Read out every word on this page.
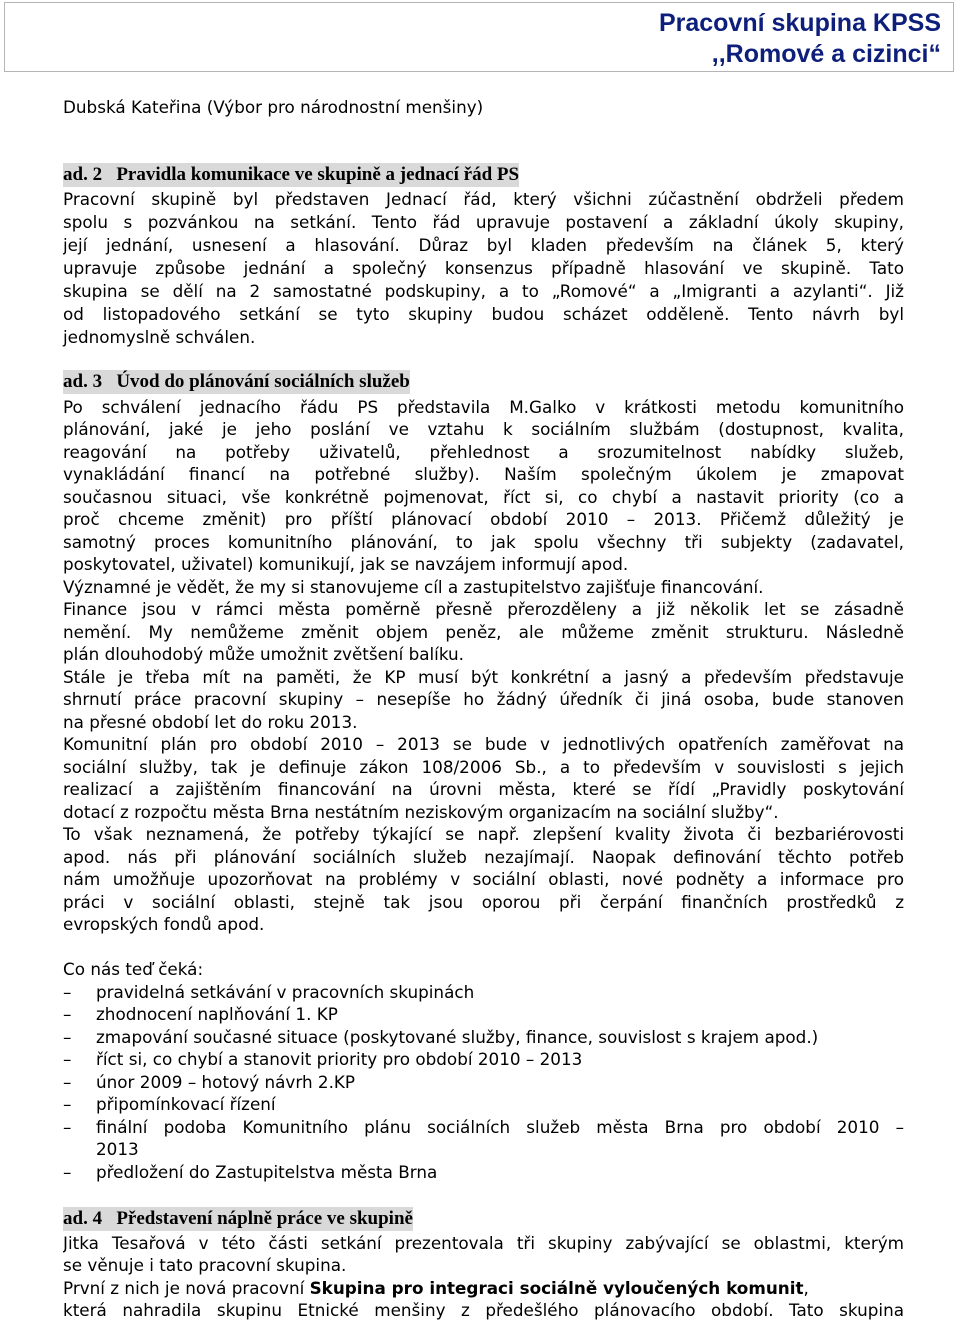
Pracovní skupina KPSS
,,Romové a cizinci“
Dubská Kateřina (Výbor pro národnostní menšiny)
ad. 2 Pravidla komunikace ve skupině a jednací řád PS
Pracovní skupině byl představen Jednací řád, který všichni zúčastnění obdrželi předem
spolu s pozvánkou na setkání. Tento řád upravuje postavení a základní úkoly skupiny,
její jednání, usnesení a hlasování. Důraz byl kladen především na článek 5, který
upravuje způsobe jednání a společný konsenzus případně hlasování ve skupině. Tato
skupina se dělí na 2 samostatné podskupiny, a to „Romové“ a „Imigranti a azylanti“. Již
od listopadového setkání se tyto skupiny budou scházet odděleně. Tento návrh byl
jednomyslně schválen.
ad. 3 Úvod do plánování sociálních služeb
Po schválení jednacího řádu PS představila M.Galko v krátkosti metodu komunitního
plánování, jaké je jeho poslání ve vztahu k sociálním službám (dostupnost, kvalita,
reagování na potřeby uživatelů, přehlednost a srozumitelnost nabídky služeb,
vynakládání financí na potřebné služby). Naším společným úkolem je zmapovat
současnou situaci, vše konkrétně pojmenovat, říct si, co chybí a nastavit priority (co a
proč chceme změnit) pro příští plánovací období 2010 – 2013. Přičemž důležitý je
samotný proces komunitního plánování, to jak spolu všechny tři subjekty (zadavatel,
poskytovatel, uživatel) komunikují, jak se navzájem informují apod.
Významné je vědět, že my si stanovujeme cíl a zastupitelstvo zajišťuje financování.
Finance jsou v rámci města poměrně přesně přerozděleny a již několik let se zásadně
nemění. My nemůžeme změnit objem peněz, ale můžeme změnit strukturu. Následně
plán dlouhodobý může umožnit zvětšení balíku.
Stále je třeba mít na paměti, že KP musí být konkrétní a jasný a především představuje
shrnutí práce pracovní skupiny – nesepíše ho žádný úředník či jiná osoba, bude stanoven
na přesné období let do roku 2013.
Komunitní plán pro období 2010 – 2013 se bude v jednotlivých opatřeních zaměřovat na
sociální služby, tak je definuje zákon 108/2006 Sb., a to především v souvislosti s jejich
realizací a zajištěním financování na úrovni města, které se řídí „Pravidly poskytování
dotací z rozpočtu města Brna nestátním neziskovým organizacím na sociální služby“.
To však neznamená, že potřeby týkající se např. zlepšení kvality života či bezbariérovosti
apod. nás při plánování sociálních služeb nezajímají. Naopak definování těchto potřeb
nám umožňuje upozorňovat na problémy v sociální oblasti, nové podněty a informace pro
práci v sociální oblasti, stejně tak jsou oporou při čerpání finančních prostředků z
evropských fondů apod.
Co nás teď čeká:
– pravidelná setkávání v pracovních skupinách
– zhodnocení naplňování 1. KP
– zmapování současné situace (poskytované služby, finance, souvislost s krajem apod.)
– říct si, co chybí a stanovit priority pro období 2010 – 2013
– únor 2009 – hotový návrh 2.KP
– připomínkovací řízení
– finální podoba Komunitního plánu sociálních služeb města Brna pro období 2010 –
2013
– předložení do Zastupitelstva města Brna
ad. 4 Představení náplně práce ve skupině
Jitka Tesařová v této části setkání prezentovala tři skupiny zabývající se oblastmi, kterým
se věnuje i tato pracovní skupina.
První z nich je nová pracovní Skupina pro integraci sociálně vyloučených komunit,
která nahradila skupinu Etnické menšiny z předešlého plánovacího období. Tato skupina
